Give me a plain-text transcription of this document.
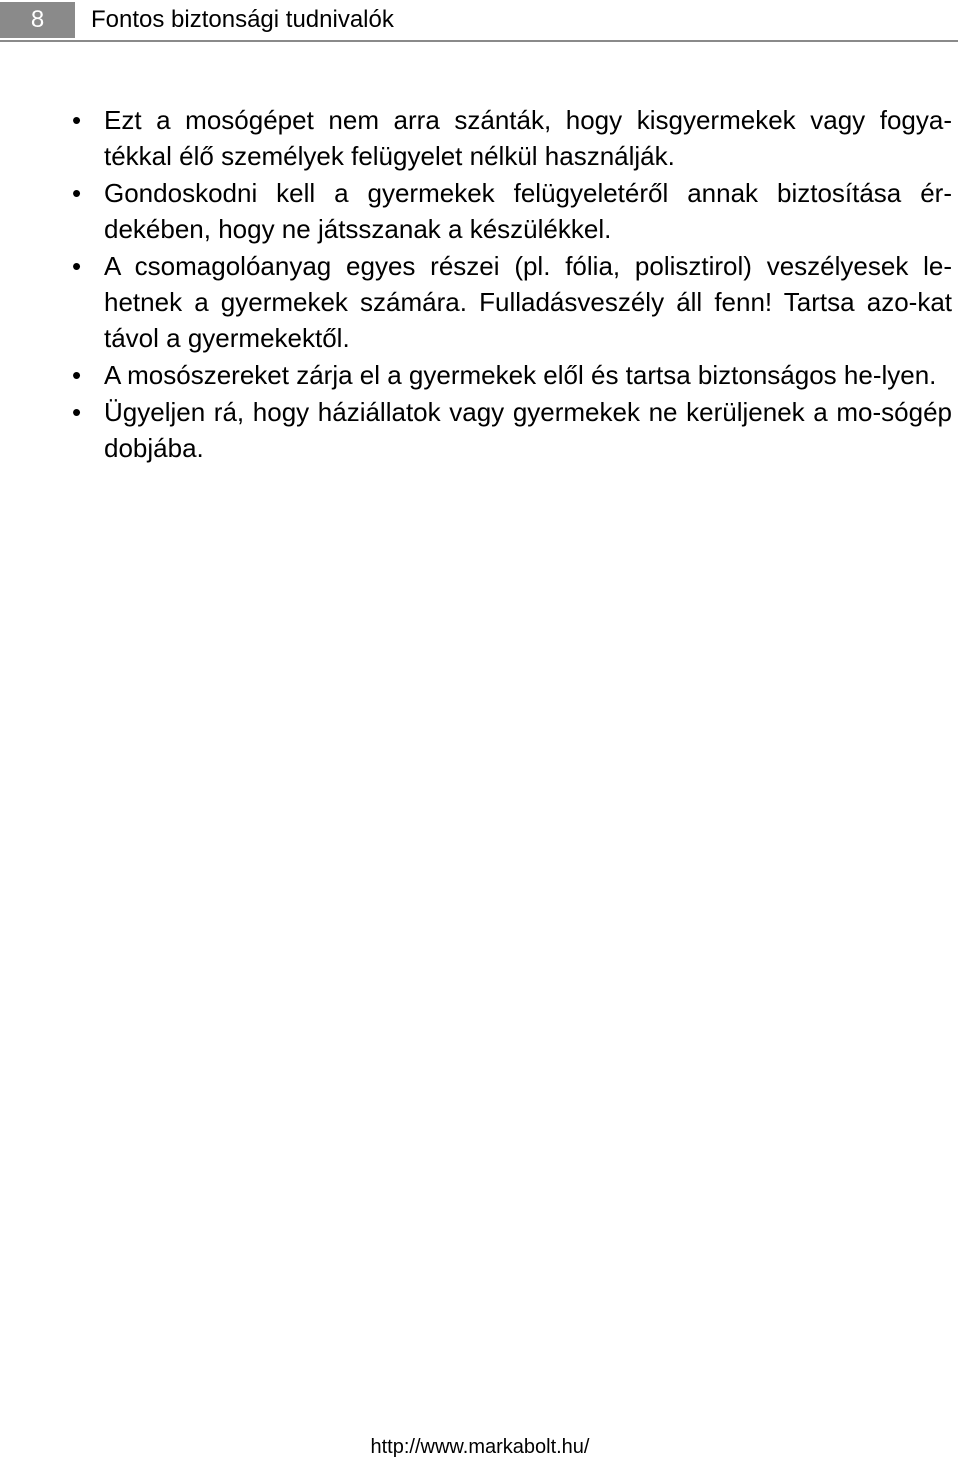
8	Fontos biztonsági tudnivalók
• Ezt a mosógépet nem arra szánták, hogy kisgyermekek vagy fogya-tékkal élő személyek felügyelet nélkül használják.
• Gondoskodni kell a gyermekek felügyeletéről annak biztosítása ér-dekében, hogy ne játsszanak a készülékkel.
• A csomagolóanyag egyes részei (pl. fólia, polisztirol) veszélyesek le-hetnek a gyermekek számára. Fulladásveszély áll fenn! Tartsa azo-kat távol a gyermekektől.
• A mosószereket zárja el a gyermekek elől és tartsa biztonságos he-lyen.
• Ügyeljen rá, hogy háziállatok vagy gyermekek ne kerüljenek a mo-sógép dobjába.
http://www.markabolt.hu/
